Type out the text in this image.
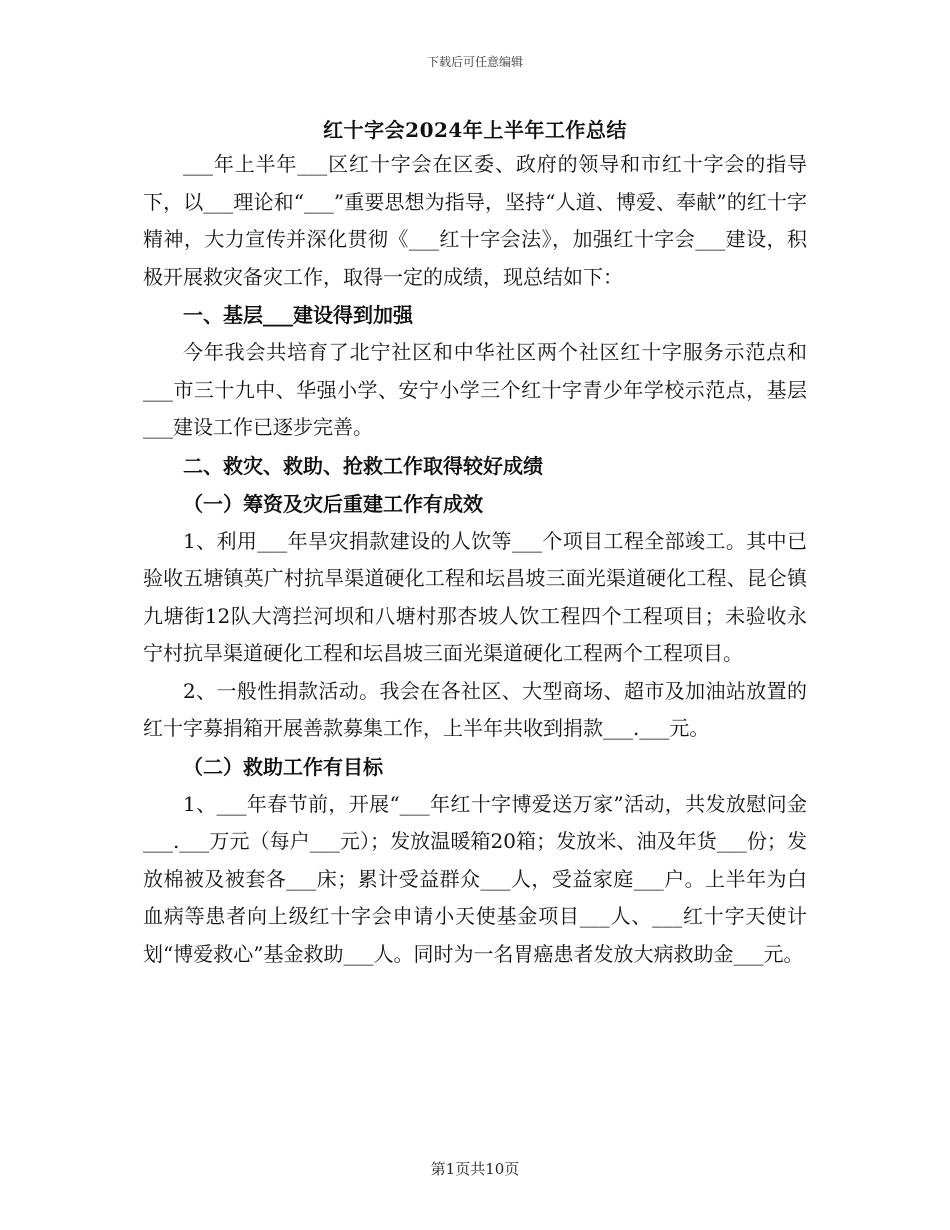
下载后可任意编辑
红十字会2024年上半年工作总结

___年上半年___区红十字会在区委、政府的领导和市红十字会的指导下，以___理论和“___”重要思想为指导，坚持“人道、博爱、奉献”的红十字精神，大力宣传并深化贯彻《___红十字会法》，加强红十字会___建设，积极开展救灾备灾工作，取得一定的成绩，现总结如下：

一、基层___建设得到加强

今年我会共培育了北宁社区和中华社区两个社区红十字服务示范点和___市三十九中、华强小学、安宁小学三个红十字青少年学校示范点，基层___建设工作已逐步完善。

二、救灾、救助、抢救工作取得较好成绩

（一）筹资及灾后重建工作有成效

1、利用___年旱灾捐款建设的人饮等___个项目工程全部竣工。其中已验收五塘镇英广村抗旱渠道硬化工程和坛昌坡三面光渠道硬化工程、昆仑镇九塘街12队大湾拦河坝和八塘村那杏坡人饮工程四个工程项目；未验收永宁村抗旱渠道硬化工程和坛昌坡三面光渠道硬化工程两个工程项目。

2、一般性捐款活动。我会在各社区、大型商场、超市及加油站放置的红十字募捐箱开展善款募集工作，上半年共收到捐款___.___元。

（二）救助工作有目标

1、___年春节前，开展“___年红十字博爱送万家”活动，共发放慰问金___.___万元（每户___元）；发放温暖箱20箱；发放米、油及年货___份；发放棉被及被套各___床；累计受益群众___人，受益家庭___户。上半年为白血病等患者向上级红十字会申请小天使基金项目___人、___红十字天使计划“博爱救心”基金救助___人。同时为一名胃癌患者发放大病救助金___元。

第1页共10页
